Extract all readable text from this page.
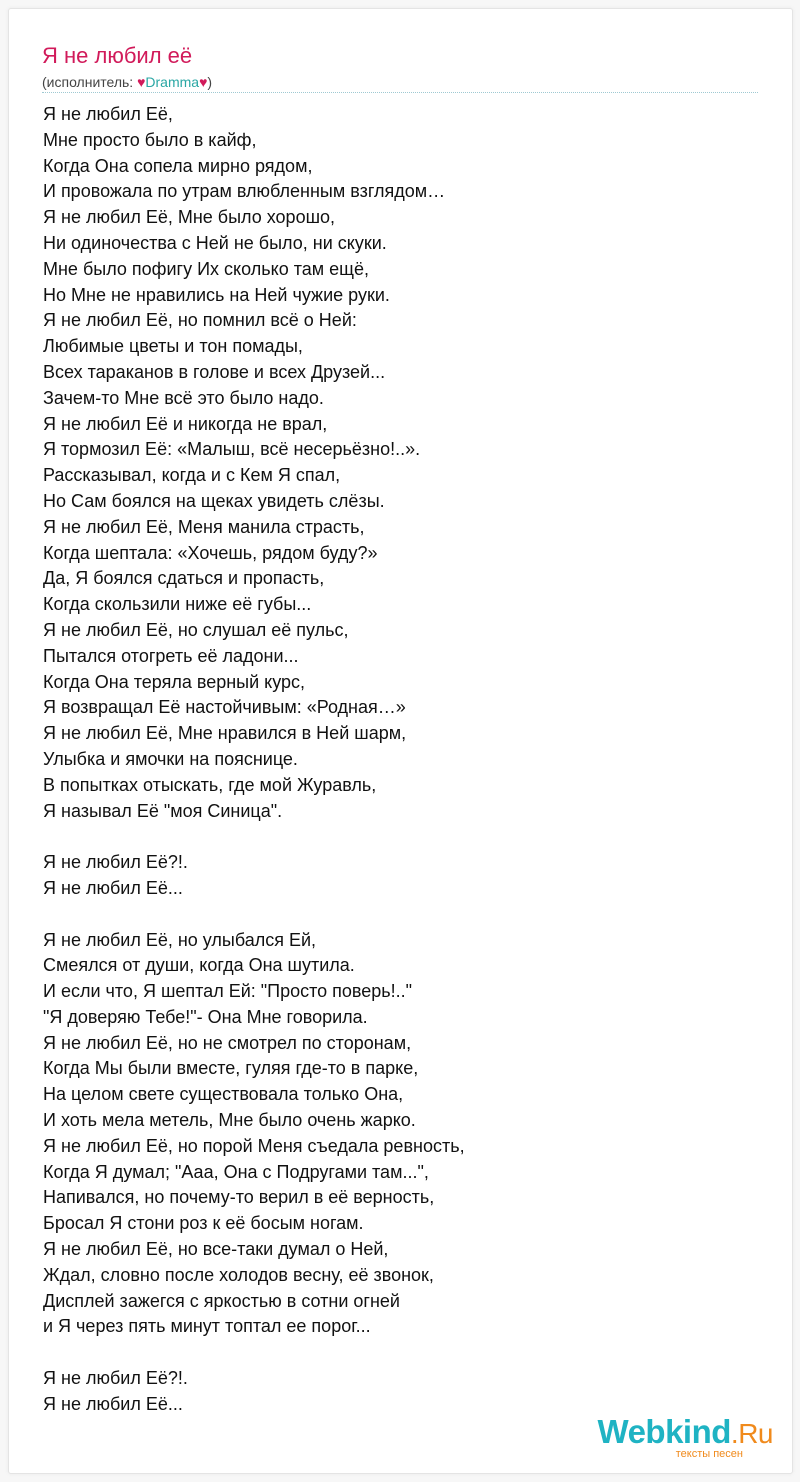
Я не любил её
(исполнитель: ♥Dramma♥)
Я не любил Её,
Мне просто было в кайф,
Когда Она сопела мирно рядом,
И провожала по утрам влюбленным взглядом…
Я не любил Её, Мне было хорошо,
Ни одиночества с Ней не было, ни скуки.
Мне было пофигу Их сколько там ещё,
Но Мне не нравились на Ней чужие руки.
Я не любил Её, но помнил всё о Ней:
Любимые цветы и тон помады,
Всех тараканов в голове и всех Друзей...
Зачем-то Мне всё это было надо.
Я не любил Её и никогда не врал,
Я тормозил Её: «Малыш, всё несерьёзно!..».
Рассказывал, когда и с Кем Я спал,
Но Сам боялся на щеках увидеть слёзы.
Я не любил Её, Меня манила страсть,
Когда шептала: «Хочешь, рядом буду?»
Да, Я боялся сдаться и пропасть,
Когда скользили ниже её губы...
Я не любил Её, но слушал её пульс,
Пытался отогреть её ладони...
Когда Она теряла верный курс,
Я возвращал Её настойчивым: «Родная…»
Я не любил Её, Мне нравился в Ней шарм,
Улыбка и ямочки на пояснице.
В попытках отыскать, где мой Журавль,
Я называл Её "моя Синица".
Я не любил Её?!.
Я не любил Её...
Я не любил Её, но улыбался Ей,
Смеялся от души, когда Она шутила.
И если что, Я шептал Ей: "Просто поверь!.."
"Я доверяю Тебе!"- Она Мне говорила.
Я не любил Её, но не смотрел по сторонам,
Когда Мы были вместе, гуляя где-то в парке,
На целом свете существовала только Она,
И хоть мела метель, Мне было очень жарко.
Я не любил Её, но порой Меня съедала ревность,
Когда Я думал; "Ааа, Она с Подругами там...",
Напивался, но почему-то верил в её верность,
Бросал Я стони роз к её босым ногам.
Я не любил Её, но все-таки думал о Ней,
Ждал, словно после холодов весну, её звонок,
Дисплей зажегся с яркостью в сотни огней
и Я через пять минут топтал ее порог...
Я не любил Её?!.
Я не любил Её...
Webkind.Ru
тексты песен
